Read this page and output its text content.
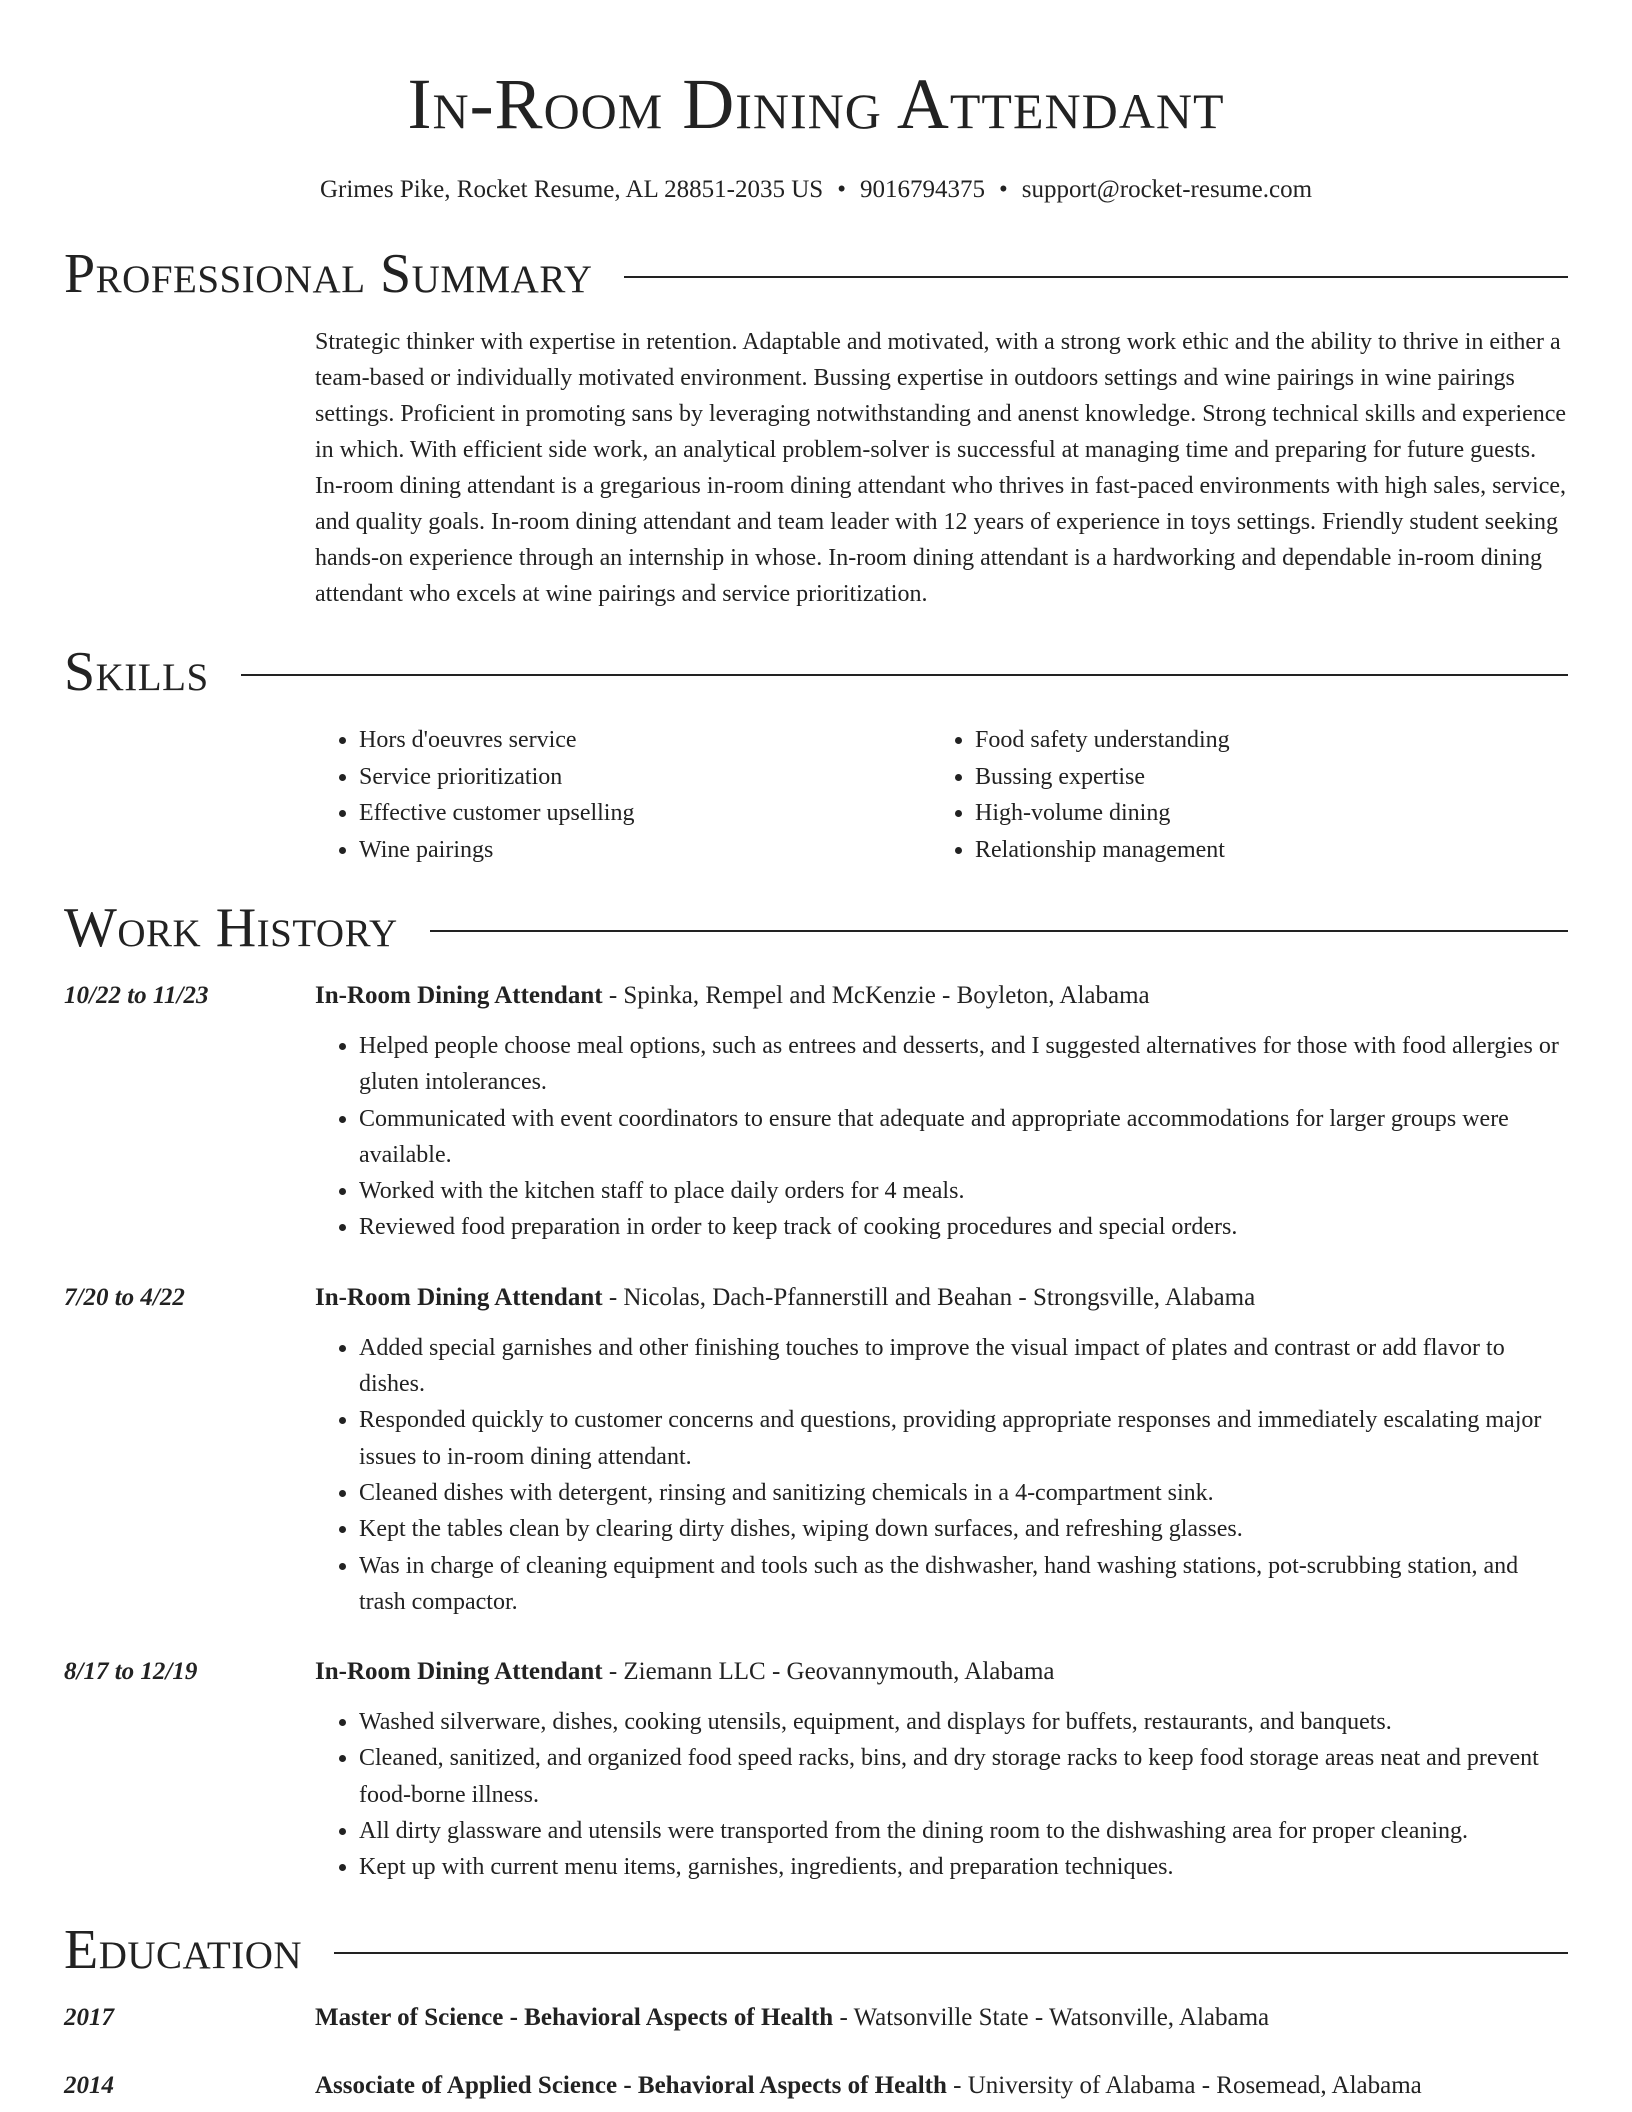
In-Room Dining Attendant
Grimes Pike, Rocket Resume, AL 28851-2035 US • 9016794375 • support@rocket-resume.com
Professional Summary
Strategic thinker with expertise in retention. Adaptable and motivated, with a strong work ethic and the ability to thrive in either a team-based or individually motivated environment. Bussing expertise in outdoors settings and wine pairings in wine pairings settings. Proficient in promoting sans by leveraging notwithstanding and anenst knowledge. Strong technical skills and experience in which. With efficient side work, an analytical problem-solver is successful at managing time and preparing for future guests. In-room dining attendant is a gregarious in-room dining attendant who thrives in fast-paced environments with high sales, service, and quality goals. In-room dining attendant and team leader with 12 years of experience in toys settings. Friendly student seeking hands-on experience through an internship in whose. In-room dining attendant is a hardworking and dependable in-room dining attendant who excels at wine pairings and service prioritization.
Skills
• Hors d'oeuvres service
• Service prioritization
• Effective customer upselling
• Wine pairings
• Food safety understanding
• Bussing expertise
• High-volume dining
• Relationship management
Work History
10/22 to 11/23	In-Room Dining Attendant - Spinka, Rempel and McKenzie - Boyleton, Alabama
• Helped people choose meal options, such as entrees and desserts, and I suggested alternatives for those with food allergies or gluten intolerances.
• Communicated with event coordinators to ensure that adequate and appropriate accommodations for larger groups were available.
• Worked with the kitchen staff to place daily orders for 4 meals.
• Reviewed food preparation in order to keep track of cooking procedures and special orders.
7/20 to 4/22	In-Room Dining Attendant - Nicolas, Dach-Pfannerstill and Beahan - Strongsville, Alabama
• Added special garnishes and other finishing touches to improve the visual impact of plates and contrast or add flavor to dishes.
• Responded quickly to customer concerns and questions, providing appropriate responses and immediately escalating major issues to in-room dining attendant.
• Cleaned dishes with detergent, rinsing and sanitizing chemicals in a 4-compartment sink.
• Kept the tables clean by clearing dirty dishes, wiping down surfaces, and refreshing glasses.
• Was in charge of cleaning equipment and tools such as the dishwasher, hand washing stations, pot-scrubbing station, and trash compactor.
8/17 to 12/19	In-Room Dining Attendant - Ziemann LLC - Geovannymouth, Alabama
• Washed silverware, dishes, cooking utensils, equipment, and displays for buffets, restaurants, and banquets.
• Cleaned, sanitized, and organized food speed racks, bins, and dry storage racks to keep food storage areas neat and prevent food-borne illness.
• All dirty glassware and utensils were transported from the dining room to the dishwashing area for proper cleaning.
• Kept up with current menu items, garnishes, ingredients, and preparation techniques.
Education
2017	Master of Science - Behavioral Aspects of Health - Watsonville State - Watsonville, Alabama
2014	Associate of Applied Science - Behavioral Aspects of Health - University of Alabama - Rosemead, Alabama
